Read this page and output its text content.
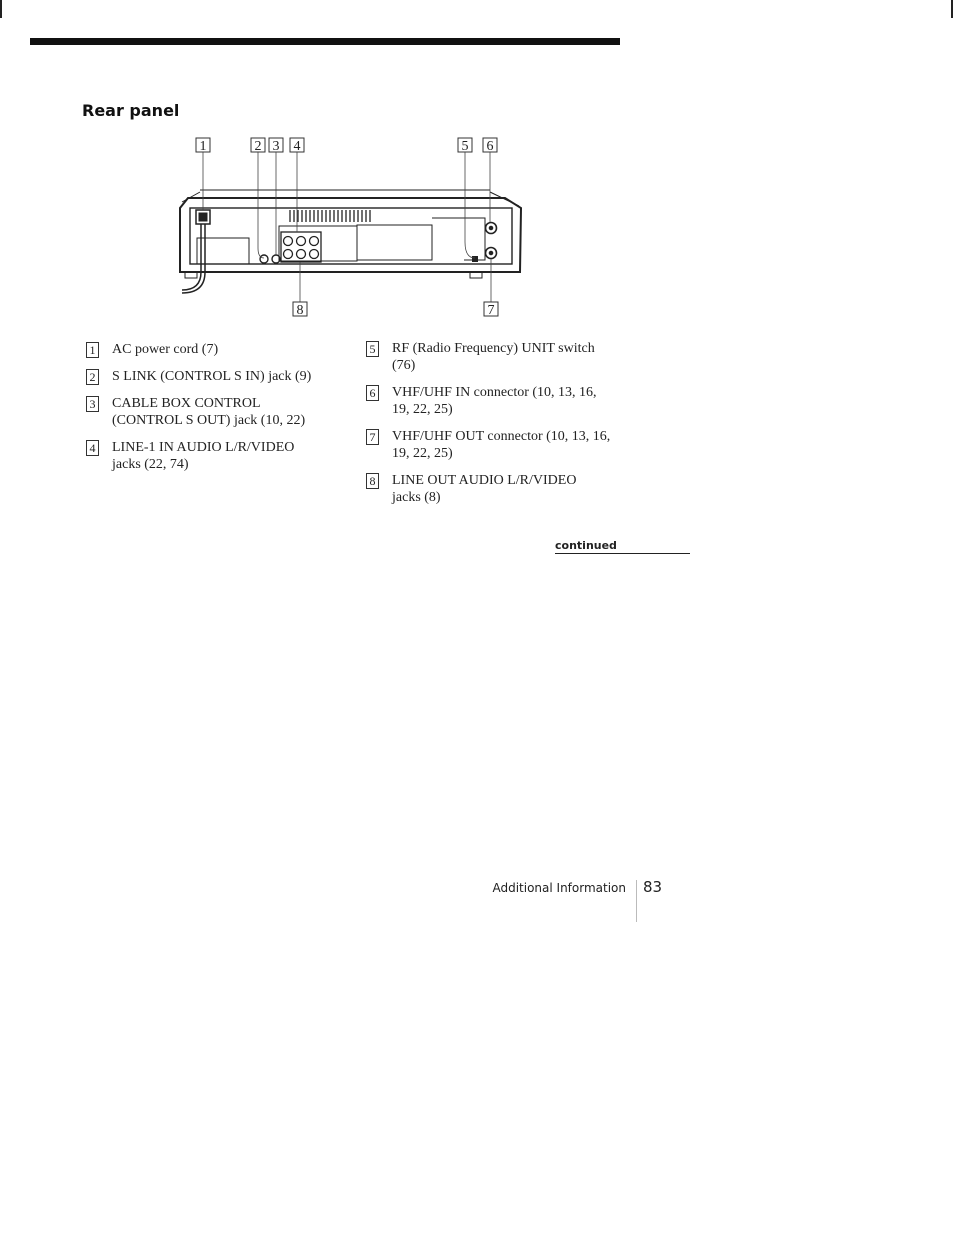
Rear panel
1	2 3 4	5 6
8	7
1 AC power cord (7)
2 S LINK (CONTROL S IN) jack (9)
3 CABLE BOX CONTROL (CONTROL S OUT) jack (10, 22)
4 LINE-1 IN AUDIO L/R/VIDEO jacks (22, 74)
5 RF (Radio Frequency) UNIT switch (76)
6 VHF/UHF IN connector (10, 13, 16, 19, 22, 25)
7 VHF/UHF OUT connector (10, 13, 16, 19, 22, 25)
8 LINE OUT AUDIO L/R/VIDEO jacks (8)
continued
Additional Information 83
